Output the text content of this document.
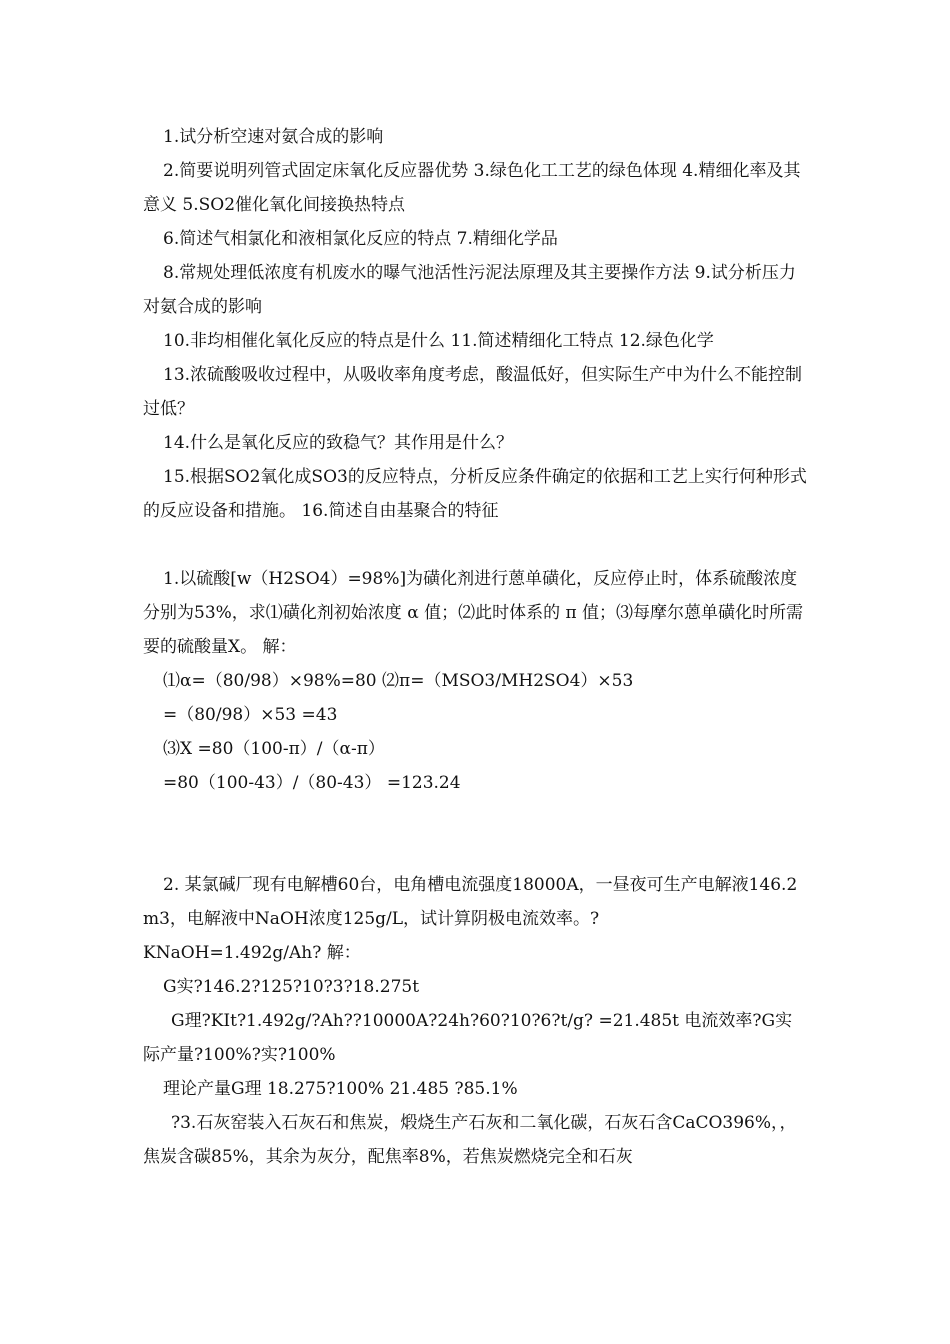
1.试分析空速对氨合成的影响

2.简要说明列管式固定床氧化反应器优势 3.绿色化工工艺的绿色体现 4.精细化率及其意义 5.SO2催化氧化间接换热特点

6.简述气相氯化和液相氯化反应的特点 7.精细化学品

8.常规处理低浓度有机废水的曝气池活性污泥法原理及其主要操作方法 9.试分析压力对氨合成的影响

10.非均相催化氧化反应的特点是什么 11.简述精细化工特点 12.绿色化学

13.浓硫酸吸收过程中，从吸收率角度考虑，酸温低好，但实际生产中为什么不能控制过低？

14.什么是氧化反应的致稳气？其作用是什么？

15.根据SO2氧化成SO3的反应特点，分析反应条件确定的依据和工艺上实行何种形式的反应设备和措施。 16.简述自由基聚合的特征

1.以硫酸[w（H2SO4）=98%]为磺化剂进行蒽单磺化，反应停止时，体系硫酸浓度分别为53%，求⑴磺化剂初始浓度 α 值；⑵此时体系的 π 值；⑶每摩尔蒽单磺化时所需要的硫酸量X。 解：

⑴α=（80/98）×98%=80 ⑵π=（MSO3/MH2SO4）×53

=（80/98）×53 =43

⑶X =80（100-π）/（α-π）

=80（100-43）/（80-43） =123.24

2. 某氯碱厂现有电解槽60台，电角槽电流强度18000A，一昼夜可生产电解液146.2m3，电解液中NaOH浓度125g/L，试计算阴极电流效率。?

KNaOH=1.492g/Ah? 解：

G实?146.2?125?10?3?18.275t

G理?KIt?1.492g/?Ah??10000A?24h?60?10?6?t/g? =21.485t 电流效率?G实际产量?100%?实?100%

理论产量G理 18.275?100% 21.485 ?85.1%

?3.石灰窑装入石灰石和焦炭，煅烧生产石灰和二氧化碳，石灰石含CaCO396%，，焦炭含碳85%，其余为灰分，配焦率8%，若焦炭燃烧完全和石灰
